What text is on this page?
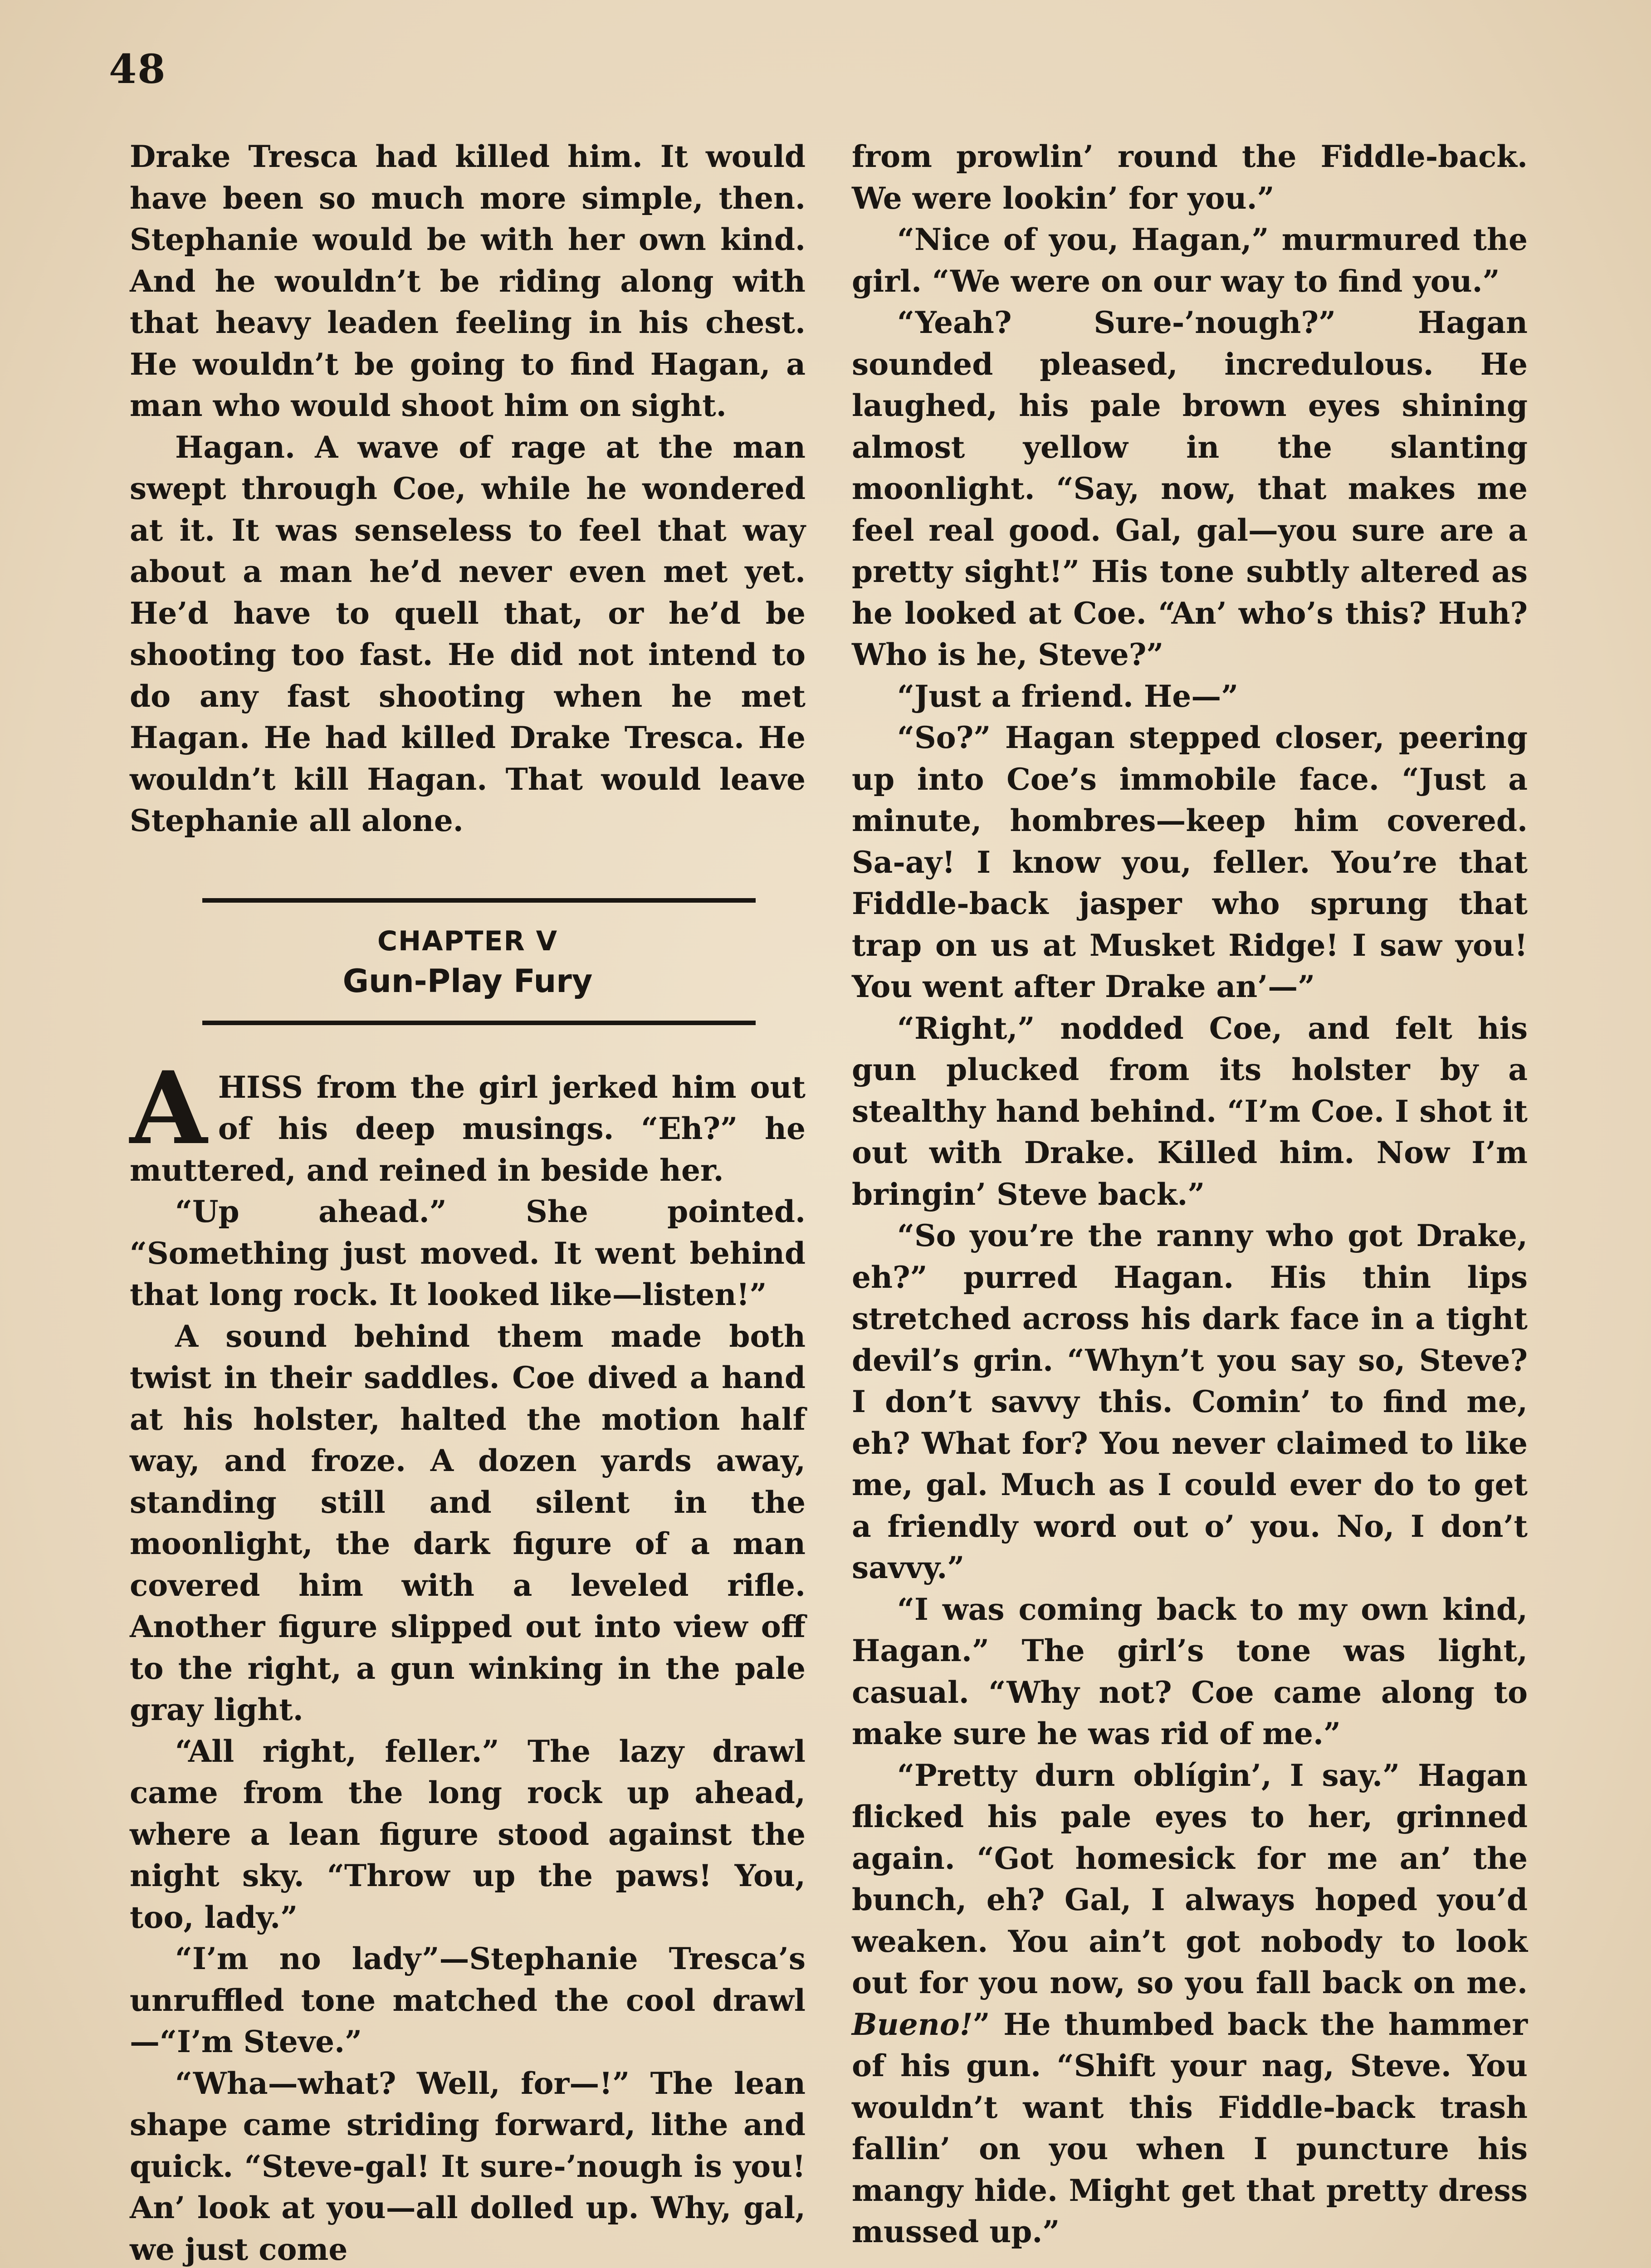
48

Drake Tresca had killed him. It would have been so much more simple, then. Stephanie would be with her own kind. And he wouldn’t be riding along with that heavy leaden feeling in his chest. He wouldn’t be going to find Hagan, a man who would shoot him on sight.

Hagan. A wave of rage at the man swept through Coe, while he wondered at it. It was senseless to feel that way about a man he’d never even met yet. He’d have to quell that, or he’d be shooting too fast. He did not intend to do any fast shooting when he met Hagan. He had killed Drake Tresca. He wouldn’t kill Hagan. That would leave Stephanie all alone.

CHAPTER V
Gun-Play Fury

A HISS from the girl jerked him out of his deep musings. “Eh?” he muttered, and reined in beside her.

“Up ahead.” She pointed. “Something just moved. It went behind that long rock. It looked like—listen!”

A sound behind them made both twist in their saddles. Coe dived a hand at his holster, halted the motion half way, and froze. A dozen yards away, standing still and silent in the moonlight, the dark figure of a man covered him with a leveled rifle. Another figure slipped out into view off to the right, a gun winking in the pale gray light.

“All right, feller.” The lazy drawl came from the long rock up ahead, where a lean figure stood against the night sky. “Throw up the paws! You, too, lady.”

“I’m no lady”—Stephanie Tresca’s unruffled tone matched the cool drawl —“I’m Steve.”

“Wha—what? Well, for—!” The lean shape came striding forward, lithe and quick. “Steve-gal! It sure-’nough is you! An’ look at you—all dolled up. Why, gal, we just come

from prowlin’ round the Fiddle-back. We were lookin’ for you.”

“Nice of you, Hagan,” murmured the girl. “We were on our way to find you.”

“Yeah? Sure-’nough?” Hagan sounded pleased, incredulous. He laughed, his pale brown eyes shining almost yellow in the slanting moonlight. “Say, now, that makes me feel real good. Gal, gal—you sure are a pretty sight!” His tone subtly altered as he looked at Coe. “An’ who’s this? Huh? Who is he, Steve?”

“Just a friend. He—”

“So?” Hagan stepped closer, peering up into Coe’s immobile face. “Just a minute, hombres—keep him covered. Sa-ay! I know you, feller. You’re that Fiddle-back jasper who sprung that trap on us at Musket Ridge! I saw you! You went after Drake an’—”

“Right,” nodded Coe, and felt his gun plucked from its holster by a stealthy hand behind. “I’m Coe. I shot it out with Drake. Killed him. Now I’m bringin’ Steve back.”

“So you’re the ranny who got Drake, eh?” purred Hagan. His thin lips stretched across his dark face in a tight devil’s grin. “Whyn’t you say so, Steve? I don’t savvy this. Comin’ to find me, eh? What for? You never claimed to like me, gal. Much as I could ever do to get a friendly word out o’ you. No, I don’t savvy.”

“I was coming back to my own kind, Hagan.” The girl’s tone was light, casual. “Why not? Coe came along to make sure he was rid of me.”

“Pretty durn oblígin’, I say.” Hagan flicked his pale eyes to her, grinned again. “Got homesick for me an’ the bunch, eh? Gal, I always hoped you’d weaken. You ain’t got nobody to look out for you now, so you fall back on me. Bueno!” He thumbed back the hammer of his gun. “Shift your nag, Steve. You wouldn’t want this Fiddle-back trash fallin’ on you when I puncture his mangy hide. Might get that pretty dress mussed up.”
